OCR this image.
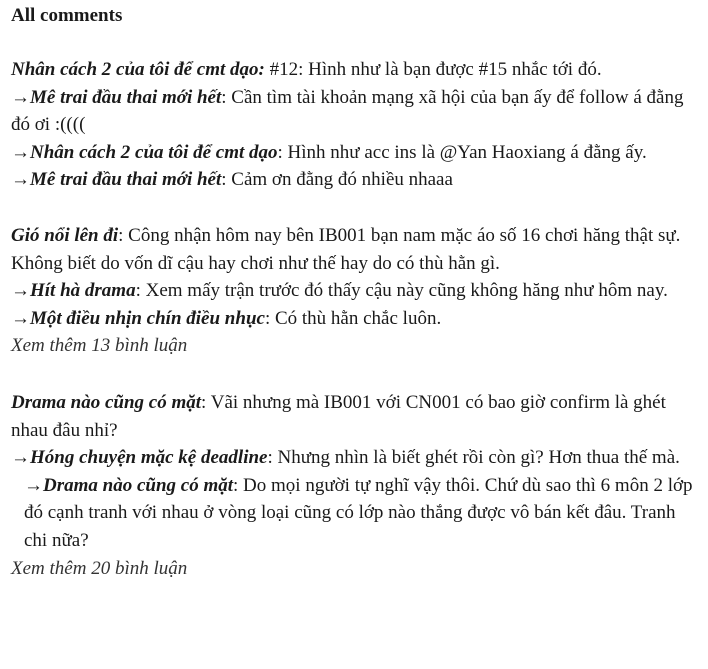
All comments

Nhân cách 2 của tôi để cmt dạo: #12: Hình như là bạn được #15 nhắc tới đó.

→Mê trai đầu thai mới hết: Cần tìm tài khoản mạng xã hội của bạn ấy để follow á đằng đó ơi :((((

→Nhân cách 2 của tôi để cmt dạo: Hình như acc ins là @Yan Haoxiang á đằng ấy.

→Mê trai đầu thai mới hết: Cảm ơn đằng đó nhiều nhaaa

Gió nổi lên đi: Công nhận hôm nay bên IB001 bạn nam mặc áo số 16 chơi hăng thật sự. Không biết do vốn dĩ cậu hay chơi như thế hay do có thù hằn gì.

→Hít hà drama: Xem mấy trận trước đó thấy cậu này cũng không hăng như hôm nay.

→Một điều nhịn chín điều nhục: Có thù hằn chắc luôn.

Xem thêm 13 bình luận

Drama nào cũng có mặt: Vãi nhưng mà IB001 với CN001 có bao giờ confirm là ghét nhau đâu nhỉ?

→Hóng chuyện mặc kệ deadline: Nhưng nhìn là biết ghét rồi còn gì? Hơn thua thế mà.

→Drama nào cũng có mặt: Do mọi người tự nghĩ vậy thôi. Chứ dù sao thì 6 môn 2 lớp đó cạnh tranh với nhau ở vòng loại cũng có lớp nào thắng được vô bán kết đâu. Tranh chi nữa?

Xem thêm 20 bình luận
